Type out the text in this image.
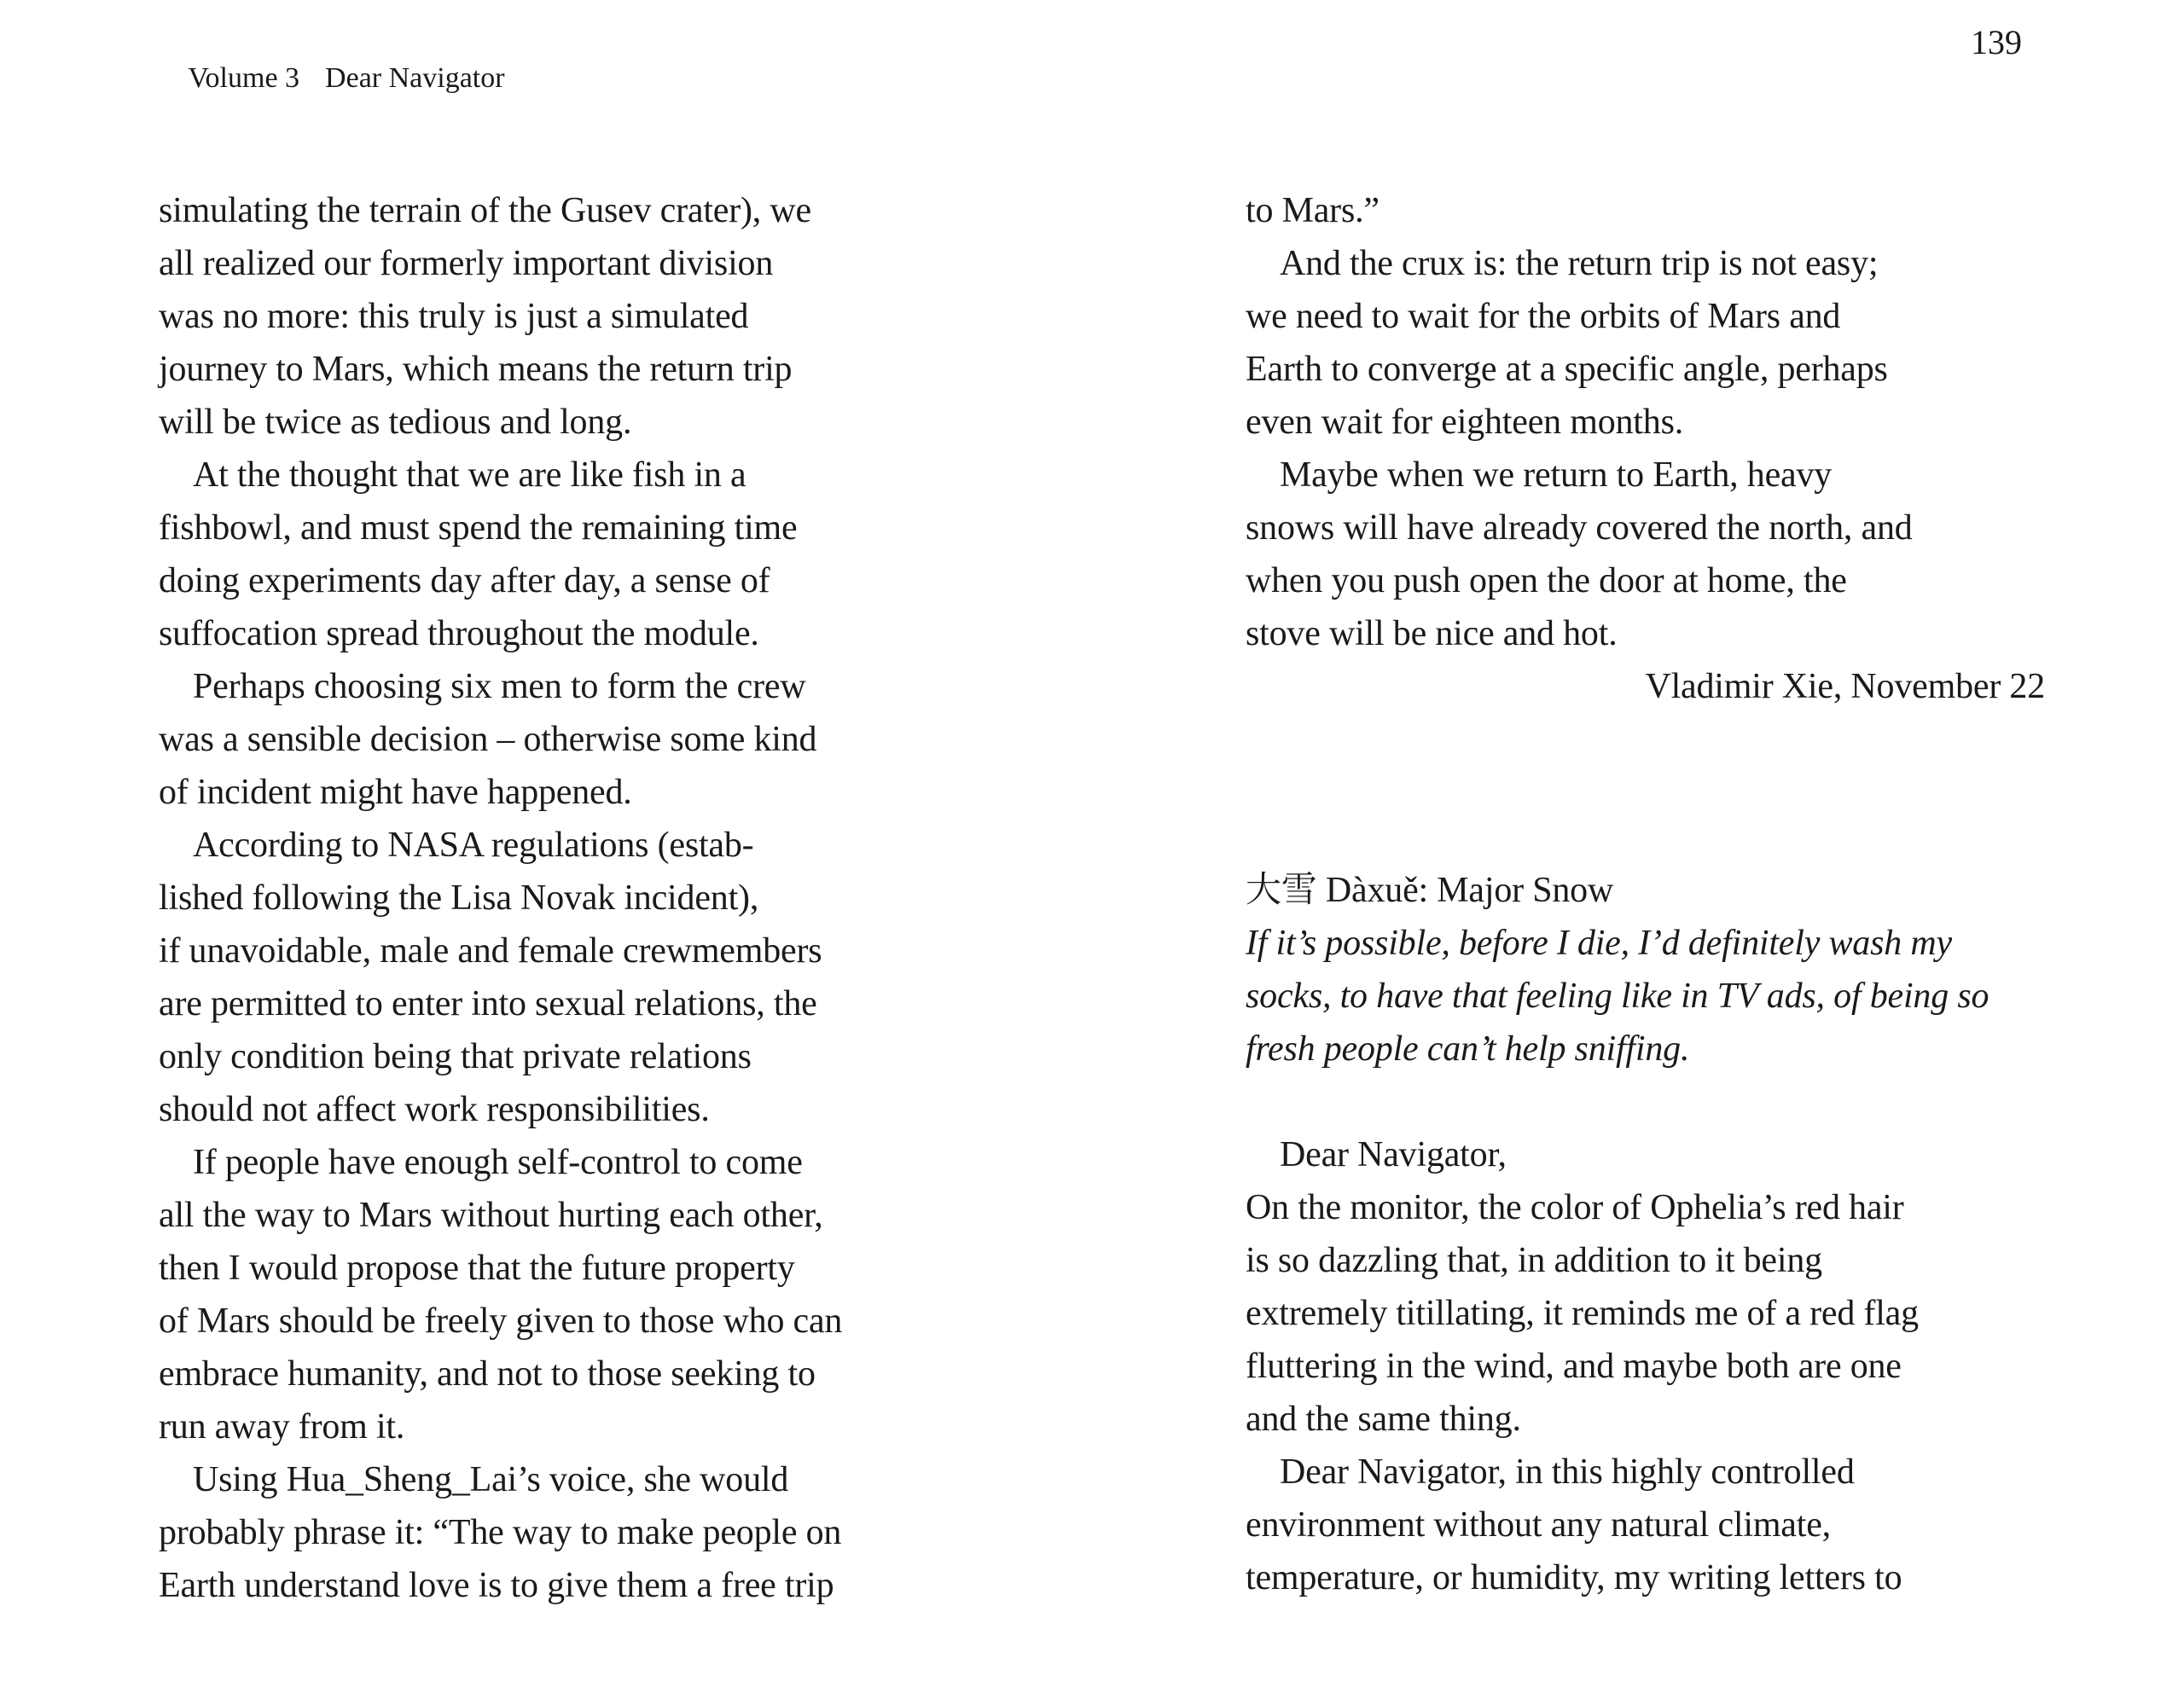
Volume 3 Dear Navigator

139
simulating the terrain of the Gusev crater), we
all realized our formerly important division
was no more: this truly is just a simulated
journey to Mars, which means the return trip
will be twice as tedious and long.
At the thought that we are like fish in a
fishbowl, and must spend the remaining time
doing experiments day after day, a sense of
suffocation spread throughout the module.
Perhaps choosing six men to form the crew
was a sensible decision – otherwise some kind
of incident might have happened.
According to NASA regulations (estab-
lished following the Lisa Novak incident),
if unavoidable, male and female crewmembers
are permitted to enter into sexual relations, the
only condition being that private relations
should not affect work responsibilities.
If people have enough self-control to come
all the way to Mars without hurting each other,
then I would propose that the future property
of Mars should be freely given to those who can
embrace humanity, and not to those seeking to
run away from it.
Using Hua_Sheng_Lai’s voice, she would
probably phrase it: “The way to make people on
Earth understand love is to give them a free trip
to Mars.”
And the crux is: the return trip is not easy;
we need to wait for the orbits of Mars and
Earth to converge at a specific angle, perhaps
even wait for eighteen months.
Maybe when we return to Earth, heavy
snows will have already covered the north, and
when you push open the door at home, the
stove will be nice and hot.
Vladimir Xie, November 22
大雪 Dàxuě: Major Snow
If it’s possible, before I die, I’d definitely wash my
socks, to have that feeling like in TV ads, of being so
fresh people can’t help sniffing.
Dear Navigator,
On the monitor, the color of Ophelia’s red hair
is so dazzling that, in addition to it being
extremely titillating, it reminds me of a red flag
fluttering in the wind, and maybe both are one
and the same thing.
Dear Navigator, in this highly controlled
environment without any natural climate,
temperature, or humidity, my writing letters to
